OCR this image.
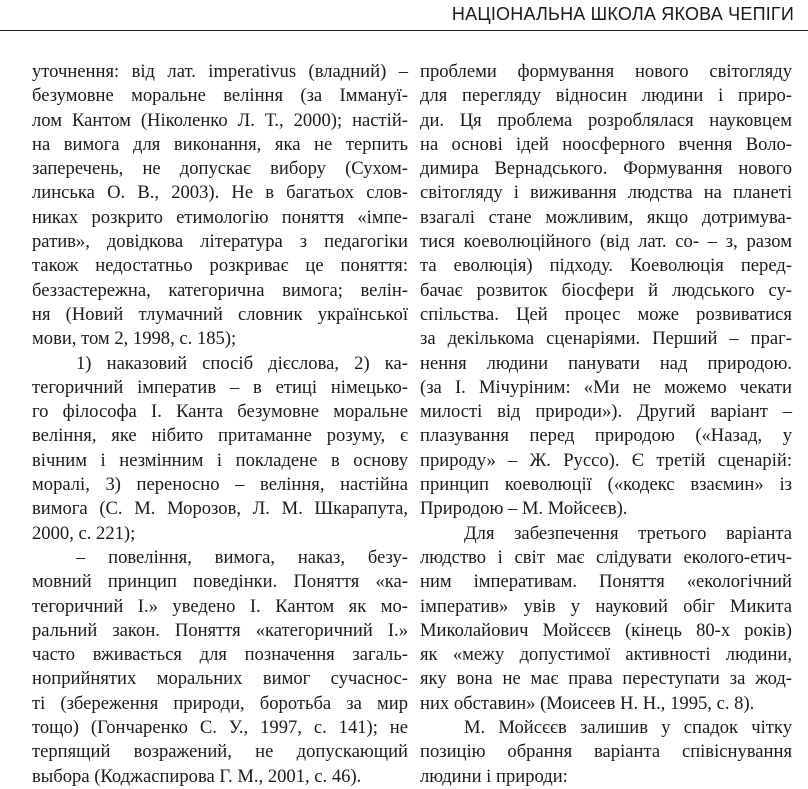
НАЦІОНАЛЬНА ШКОЛА ЯКОВА ЧЕПІГИ
уточнення: від лат. imperativus (владний) –
безумовне моральне веління (за Іммануї-
лом Кантом (Ніколенко Л. Т., 2000); настій-
на вимога для виконання, яка не терпить
заперечень, не допускає вибору (Сухом-
линська О. В., 2003). Не в багатьох слов-
никах розкрито етимологію поняття «імпе-
ратив», довідкова література з педагогіки
також недостатньо розкриває це поняття:
беззастережна, категорична вимога; велін-
ня (Новий тлумачний словник української
мови, том 2, 1998, с. 185);
1) наказовий спосіб дієслова, 2) ка-
тегоричний імператив – в етиці німецько-
го філософа І. Канта безумовне моральне
веління, яке нібито притаманне розуму, є
вічним і незмінним і покладене в основу
моралі, 3) переносно – веління, настійна
вимога (С. М. Морозов, Л. М. Шкарапута,
2000, с. 221);
– повеління, вимога, наказ, безу-
мовний принцип поведінки. Поняття «ка-
тегоричний І.» уведено І. Кантом як мо-
ральний закон. Поняття «категоричний І.»
часто вживається для позначення загаль-
ноприйнятих моральних вимог сучаснос-
ті (збереження природи, боротьба за мир
тощо) (Гончаренко С. У., 1997, с. 141); не
терпящий возражений, не допускающий
выбора (Коджаспирова Г. М., 2001, с. 46).
проблеми формування нового світогляду
для перегляду відносин людини і приро-
ди. Ця проблема розроблялася науковцем
на основі ідей ноосферного вчення Воло-
димира Вернадського. Формування нового
світогляду і виживання людства на планеті
взагалі стане можливим, якщо дотримува-
тися коеволюційного (від лат. со- – з, разом
та еволюція) підходу. Коеволюція перед-
бачає розвиток біосфери й людського су-
спільства. Цей процес може розвиватися
за декількома сценаріями. Перший – праг-
нення людини панувати над природою.
(за І. Мічуріним: «Ми не можемо чекати
милості від природи»). Другий варіант –
плазування перед природою («Назад, у
природу» – Ж. Руссо). Є третій сценарій:
принцип коеволюції («кодекс взаємин» із
Природою – М. Мойсеєв).
Для забезпечення третього варіанта
людство і світ має слідувати еколого-етич-
ним імперативам. Поняття «екологічний
імператив» увів у науковий обіг Микита
Миколайович Мойсєєв (кінець 80-х років)
як «межу допустимої активності людини,
яку вона не має права переступати за жод-
них обставин» (Моисеев Н. Н., 1995, с. 8).
М. Мойсєєв залишив у спадок чітку
позицію обрання варіанта співіснування
людини і природи:
